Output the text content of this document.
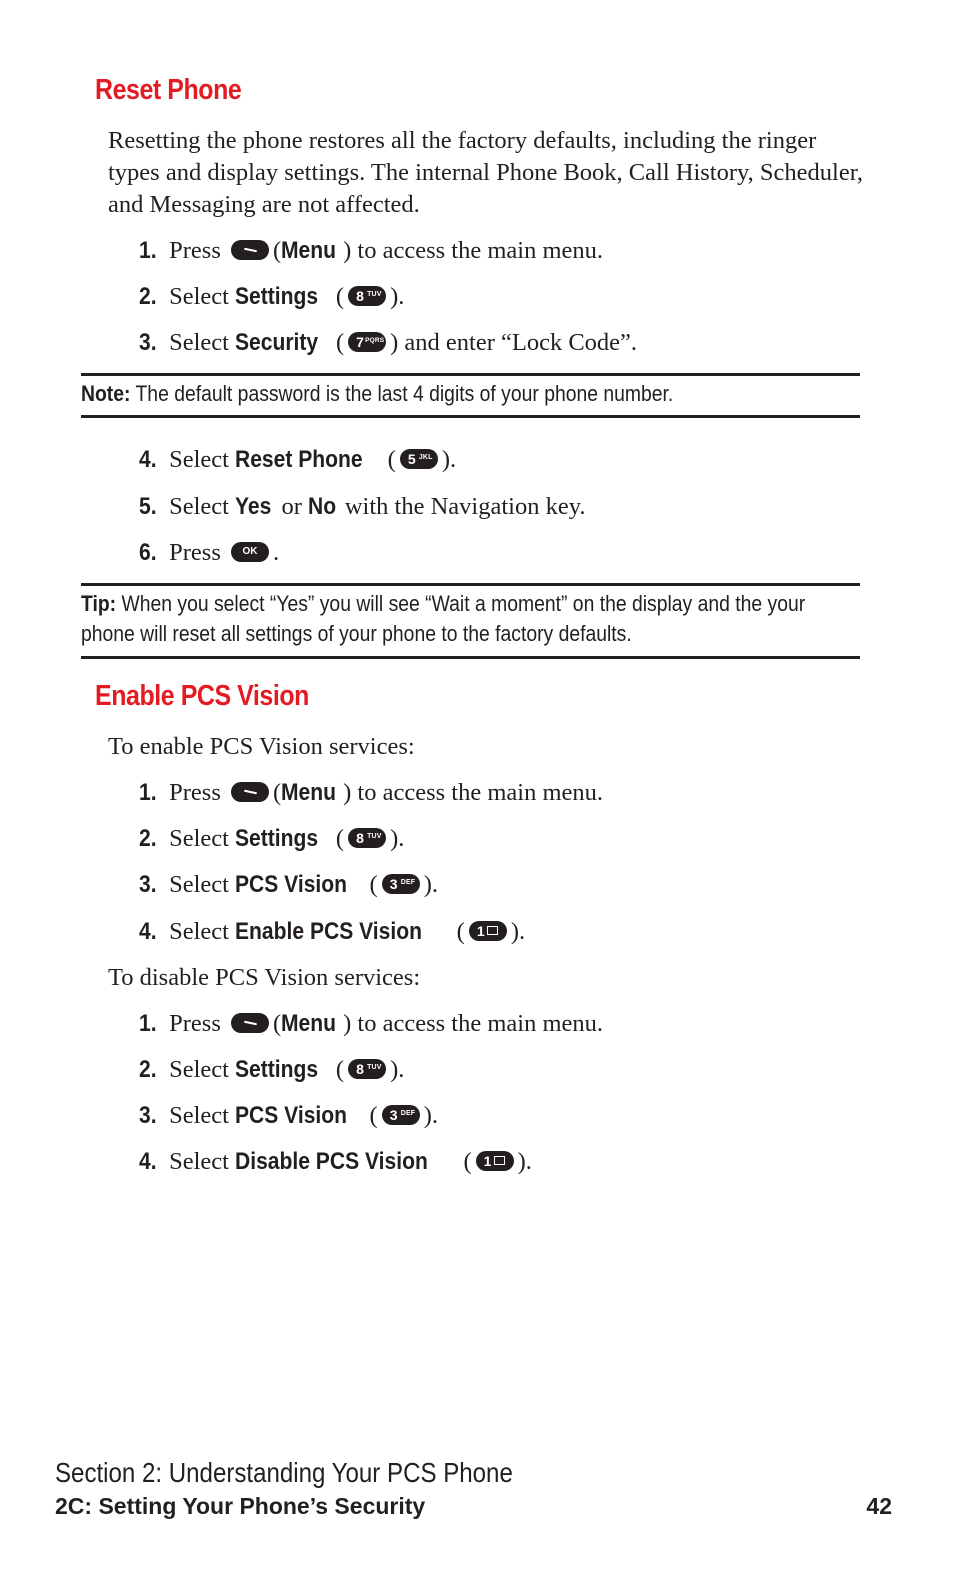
Reset Phone

Resetting the phone restores all the factory defaults, including the ringer types and display settings. The internal Phone Book, Call History, Scheduler, and Messaging are not affected.

1. Press (Menu ) to access the main menu.
2. Select Settings ( 8 TUV ).
3. Select Security ( 7 PQRS ) and enter “Lock Code”.
Note: The default password is the last 4 digits of your phone number.
4. Select Reset Phone ( 5 JKL ).
5. Select Yes or No with the Navigation key.
6. Press	OK .
Tip: When you select “Yes” you will see “Wait a moment” on the display and the your phone will reset all settings of your phone to the factory defaults.
Enable PCS Vision

To enable PCS Vision services:

1. Press (Menu ) to access the main menu.
2. Select Settings ( 8 TUV ).
3. Select PCS Vision ( 3 DEF ).
4. Select Enable PCS Vision ( 1 ).

To disable PCS Vision services:

1. Press (Menu ) to access the main menu.
2. Select Settings ( 8 TUV ).
3. Select PCS Vision ( 3 DEF ).
4. Select Disable PCS Vision ( 1 ).
Section 2: Understanding Your PCS Phone
2C: Setting Your Phone’s Security	42
